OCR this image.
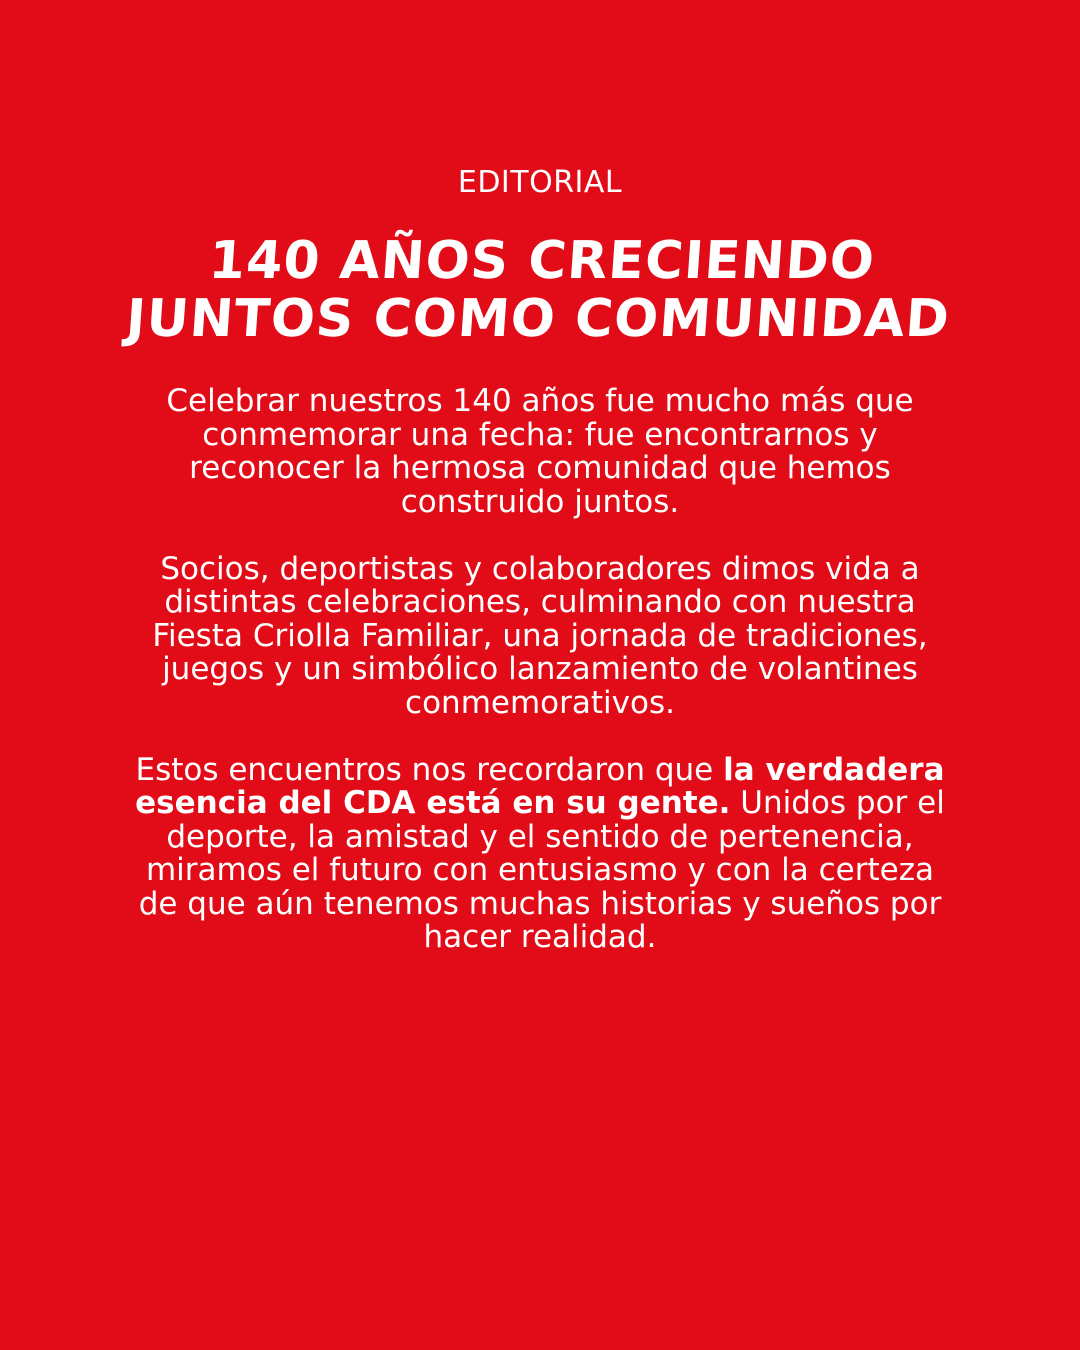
EDITORIAL
140 AÑOS CRECIENDO
JUNTOS COMO COMUNIDAD

Celebrar nuestros 140 años fue mucho más que conmemorar una fecha: fue encontrarnos y reconocer la hermosa comunidad que hemos construido juntos.

Socios, deportistas y colaboradores dimos vida a distintas celebraciones, culminando con nuestra Fiesta Criolla Familiar, una jornada de tradiciones, juegos y un simbólico lanzamiento de volantines conmemorativos.

Estos encuentros nos recordaron que la verdadera esencia del CDA está en su gente. Unidos por el deporte, la amistad y el sentido de pertenencia, miramos el futuro con entusiasmo y con la certeza de que aún tenemos muchas historias y sueños por hacer realidad.
